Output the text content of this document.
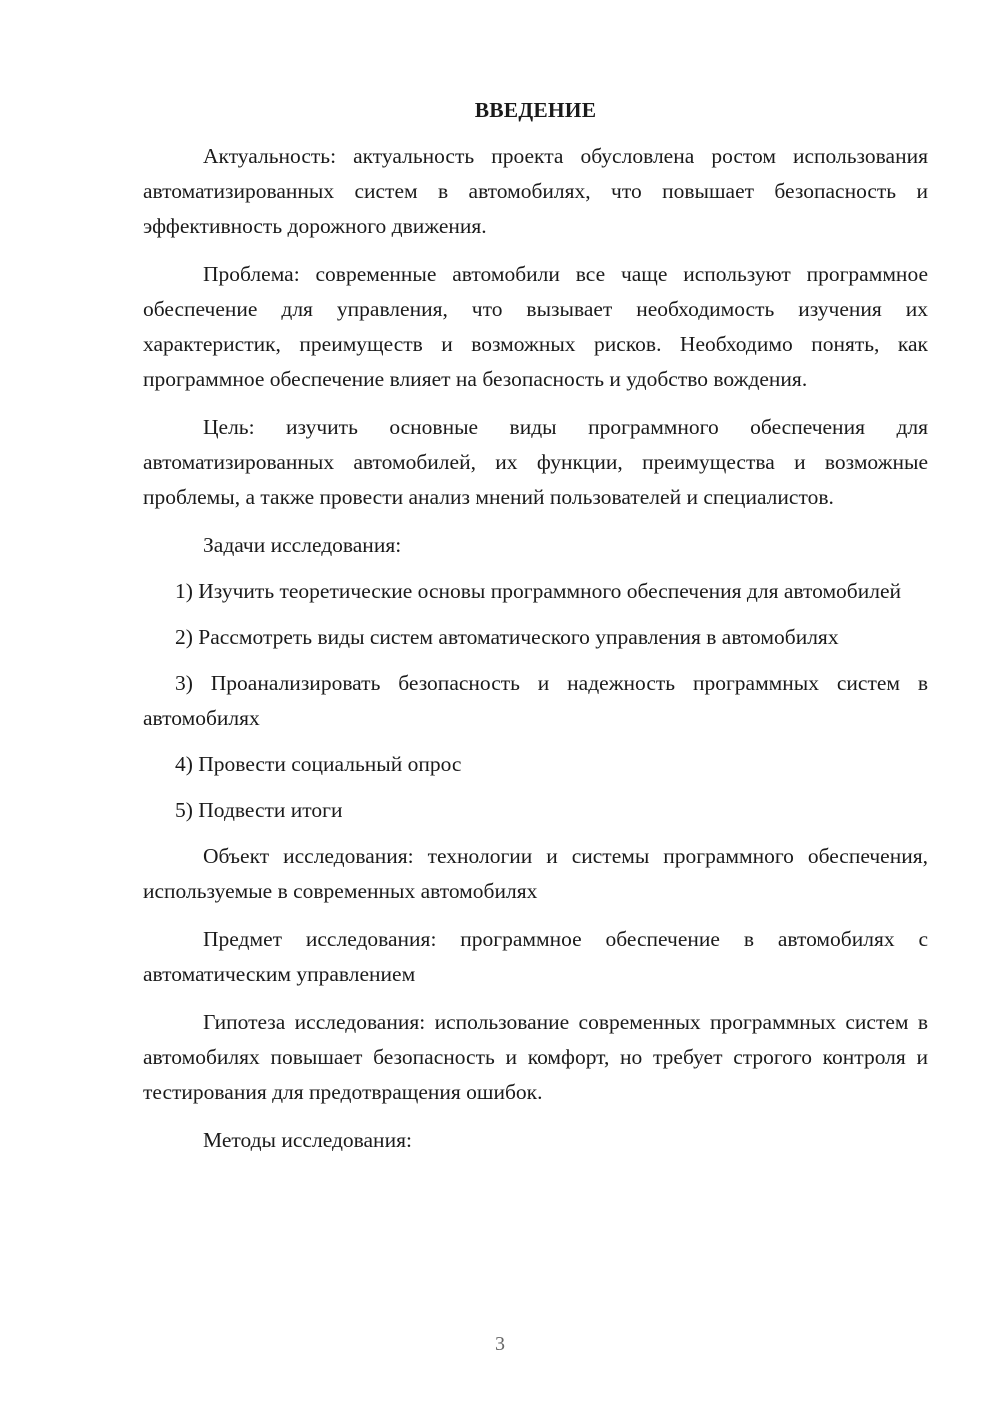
ВВЕДЕНИЕ

Актуальность: актуальность проекта обусловлена ростом использования автоматизированных систем в автомобилях, что повышает безопасность и эффективность дорожного движения.

Проблема: современные автомобили все чаще используют программное обеспечение для управления, что вызывает необходимость изучения их характеристик, преимуществ и возможных рисков. Необходимо понять, как программное обеспечение влияет на безопасность и удобство вождения.

Цель: изучить основные виды программного обеспечения для автоматизированных автомобилей, их функции, преимущества и возможные проблемы, а также провести анализ мнений пользователей и специалистов.

Задачи исследования:

1) Изучить теоретические основы программного обеспечения для автомобилей

2) Рассмотреть виды систем автоматического управления в автомобилях

3) Проанализировать безопасность и надежность программных систем в автомобилях

4) Провести социальный опрос

5) Подвести итоги

Объект исследования: технологии и системы программного обеспечения, используемые в современных автомобилях

Предмет исследования: программное обеспечение в автомобилях с автоматическим управлением

Гипотеза исследования: использование современных программных систем в автомобилях повышает безопасность и комфорт, но требует строгого контроля и тестирования для предотвращения ошибок.

Методы исследования:

3
